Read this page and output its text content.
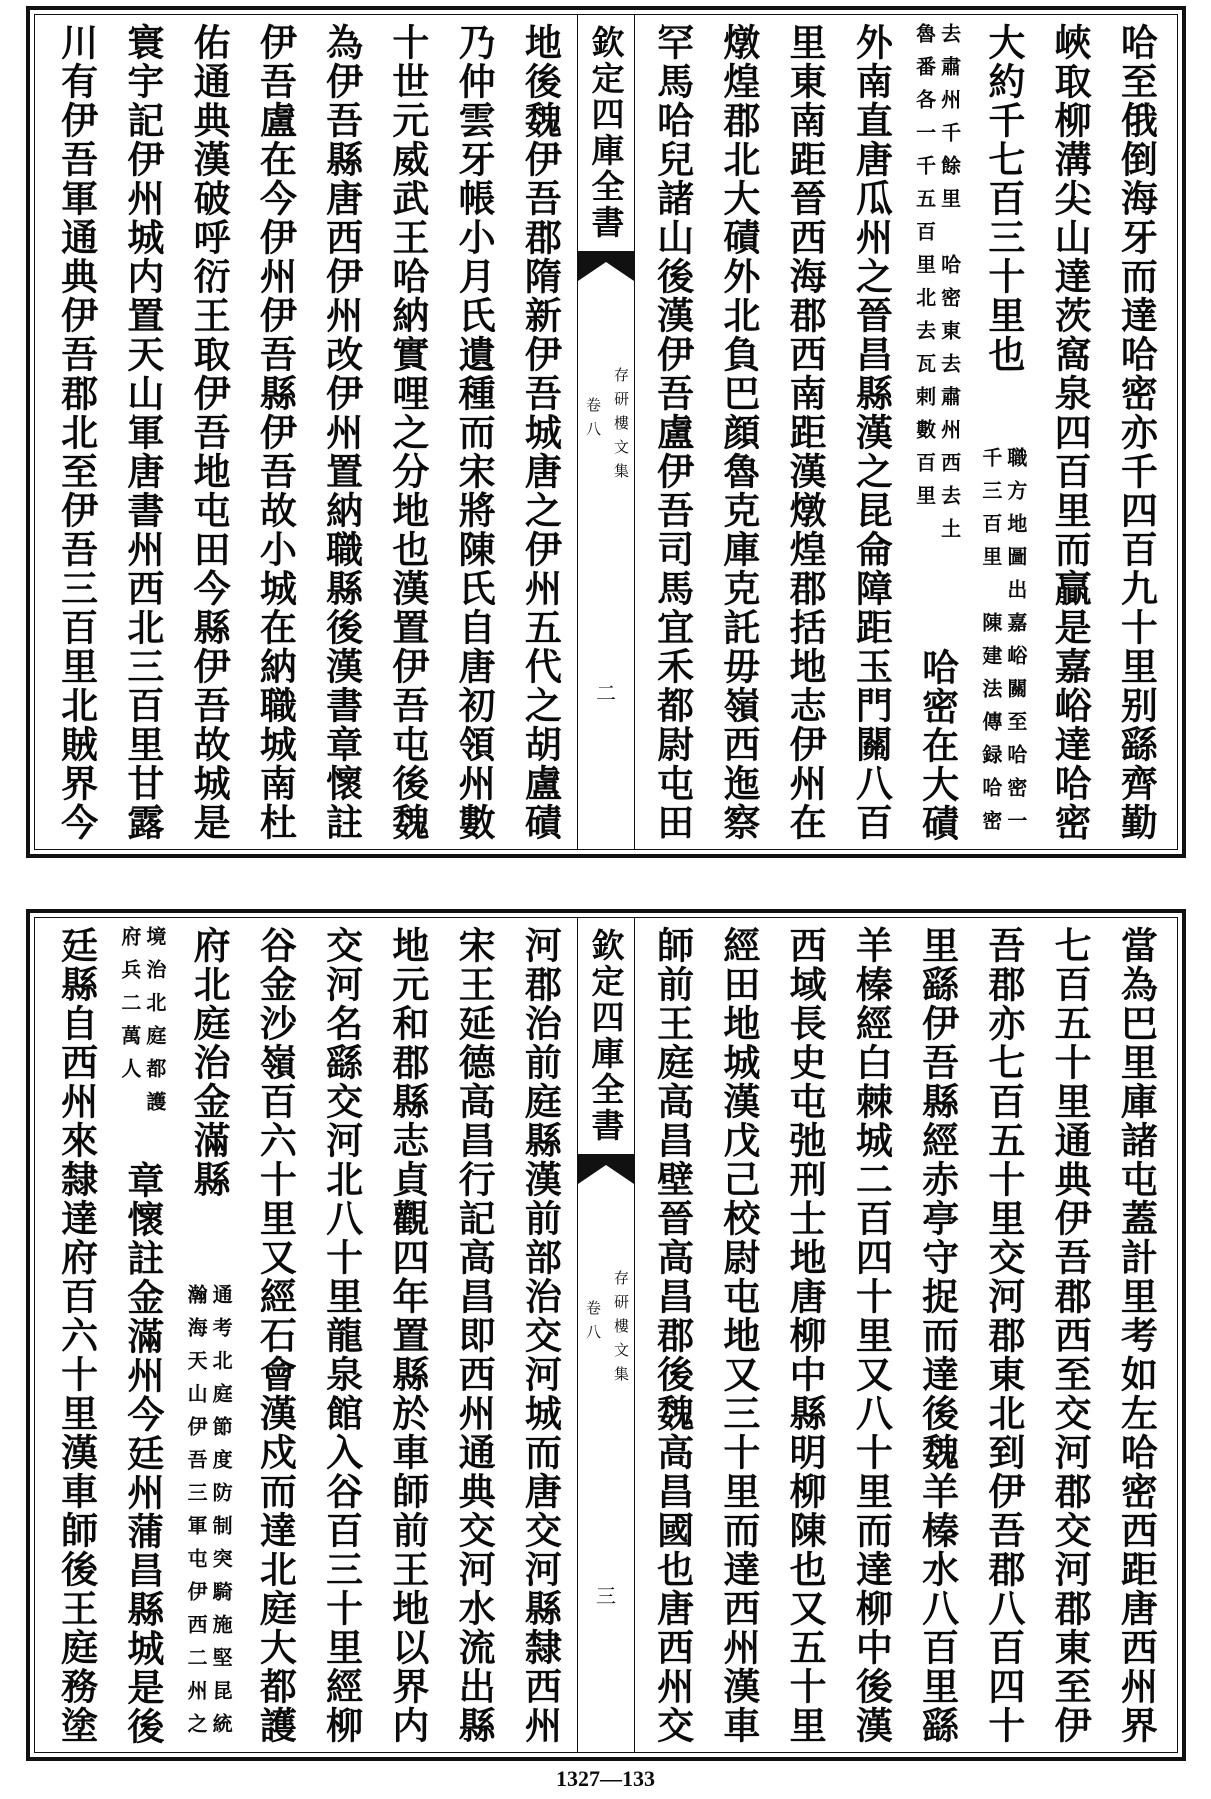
哈至俄倒海牙而達哈密亦千四百九十里别繇齊勤
峽取柳溝尖山達茨窩泉四百里而贏是嘉峪達哈密
大約千七百三十里也
職方地圖出嘉峪關至哈密一
千三百里　陳建法傳録哈密
去肅州千餘里　哈密東去肅州西去土
魯番各一千五百里北去瓦剌數百里
哈密在大磧
外南直唐瓜州之晉昌縣漢之昆侖障距玉門關八百
里東南距晉西海郡西南距漢燉煌郡括地志伊州在
燉煌郡北大磧外北負巴顔魯克庫克託毋嶺西迤察
罕馬哈兒諸山後漢伊吾盧伊吾司馬宜禾都尉屯田
欽定四庫全書
存研樓文集
卷八
二
地後魏伊吾郡隋新伊吾城唐之伊州五代之胡盧磧
乃仲雲牙帳小月氏遺種而宋將陳氏自唐初領州數
十世元威武王哈納實哩之分地也漢置伊吾屯後魏
為伊吾縣唐西伊州改伊州置納職縣後漢書章懷註
伊吾盧在今伊州伊吾縣伊吾故小城在納職城南杜
佑通典漢破呼衍王取伊吾地屯田今縣伊吾故城是
寰宇記伊州城内置天山軍唐書州西北三百里甘露
川有伊吾軍通典伊吾郡北至伊吾三百里北賊界今
當為巴里庫諸屯蓋計里考如左哈密西距唐西州界
七百五十里通典伊吾郡西至交河郡交河郡東至伊
吾郡亦七百五十里交河郡東北到伊吾郡八百四十
里繇伊吾縣經赤亭守捉而達後魏羊榛水八百里繇
羊榛經白棘城二百四十里又八十里而達柳中後漢
西域長史屯弛刑士地唐柳中縣明柳陳也又五十里
經田地城漢戊己校尉屯地又三十里而達西州漢車
師前王庭高昌壁晉高昌郡後魏高昌國也唐西州交
欽定四庫全書
存研樓文集
卷八
三
河郡治前庭縣漢前部治交河城而唐交河縣隸西州
宋王延德高昌行記高昌即西州通典交河水流出縣
地元和郡縣志貞觀四年置縣於車師前王地以界内
交河名繇交河北八十里龍泉館入谷百三十里經柳
谷金沙嶺百六十里又經石會漢戍而達北庭大都護
府北庭治金滿縣
通考北庭節度防制突騎施堅昆統
瀚海天山伊吾三軍屯伊西二州之
境治北庭都護
府兵二萬人
章懷註金滿州今廷州蒲昌縣城是後
廷縣自西州來隸達府百六十里漢車師後王庭務塗
1327—133
